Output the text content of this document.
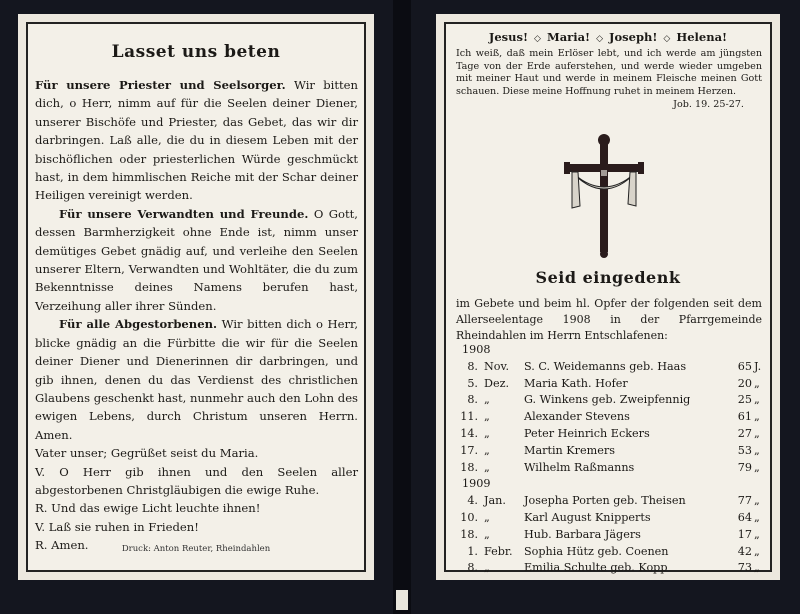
Lasset uns beten

Für unsere Priester und Seelsorger. Wir bitten dich, o Herr, nimm auf für die Seelen deiner Diener, unserer Bischöfe und Priester, das Gebet, das wir dir darbringen. Laß alle, die du in diesem Leben mit der bischöflichen oder priesterlichen Würde geschmückt hast, in dem himmlischen Reiche mit der Schar deiner Heiligen vereinigt werden.

Für unsere Verwandten und Freunde. O Gott, dessen Barmherzigkeit ohne Ende ist, nimm unser demütiges Gebet gnädig auf, und verleihe den Seelen unserer Eltern, Verwandten und Wohltäter, die du zum Bekenntnisse deines Namens berufen hast, Verzeihung aller ihrer Sünden.

Für alle Abgestorbenen. Wir bitten dich o Herr, blicke gnädig an die Fürbitte die wir für die Seelen deiner Diener und Dienerinnen dir darbringen, und gib ihnen, denen du das Verdienst des christlichen Glaubens geschenkt hast, nunmehr auch den Lohn des ewigen Lebens, durch Christum unseren Herrn. Amen.

Vater unser; Gegrüßet seist du Maria.

V. O Herr gib ihnen und den Seelen aller abgestorbenen Christgläubigen die ewige Ruhe.

R. Und das ewige Licht leuchte ihnen!

V. Laß sie ruhen in Frieden!

R. Amen.	Druck: Anton Reuter, Rheindahlen
Jesus! ◇ Maria! ◇ Joseph! ◇ Helena!

Ich weiß, daß mein Erlöser lebt, und ich werde am jüngsten Tage von der Erde auferstehen, und werde wieder umgeben mit meiner Haut und werde in meinem Fleische meinen Gott schauen. Diese meine Hoffnung ruhet in meinem Herzen.

Job. 19. 25-27.
Seid eingedenk

im Gebete und beim hl. Opfer der folgenden seit dem Allerseelentage 1908 in der Pfarrgemeinde Rheindahlen im Herrn Entschlafenen:

1908
8. Nov. S. C. Weidemanns geb. Haas	65 J.
5. Dez. Maria Kath. Hofer	20 „
8. „	G. Winkens geb. Zweipfennig	25 „
11. „	Alexander Stevens	61 „
14. „	Peter Heinrich Eckers	27 „
17. „	Martin Kremers	53 „
18. „	Wilhelm Raßmanns	79 „
1909
4. Jan. Josepha Porten geb. Theisen	77 „
10. „	Karl August Knipperts	64 „
18. „	Hub. Barbara Jägers	17 „
1. Febr. Sophia Hütz geb. Coenen	42 „
8. „	Emilia Schulte geb. Kopp	73 „
